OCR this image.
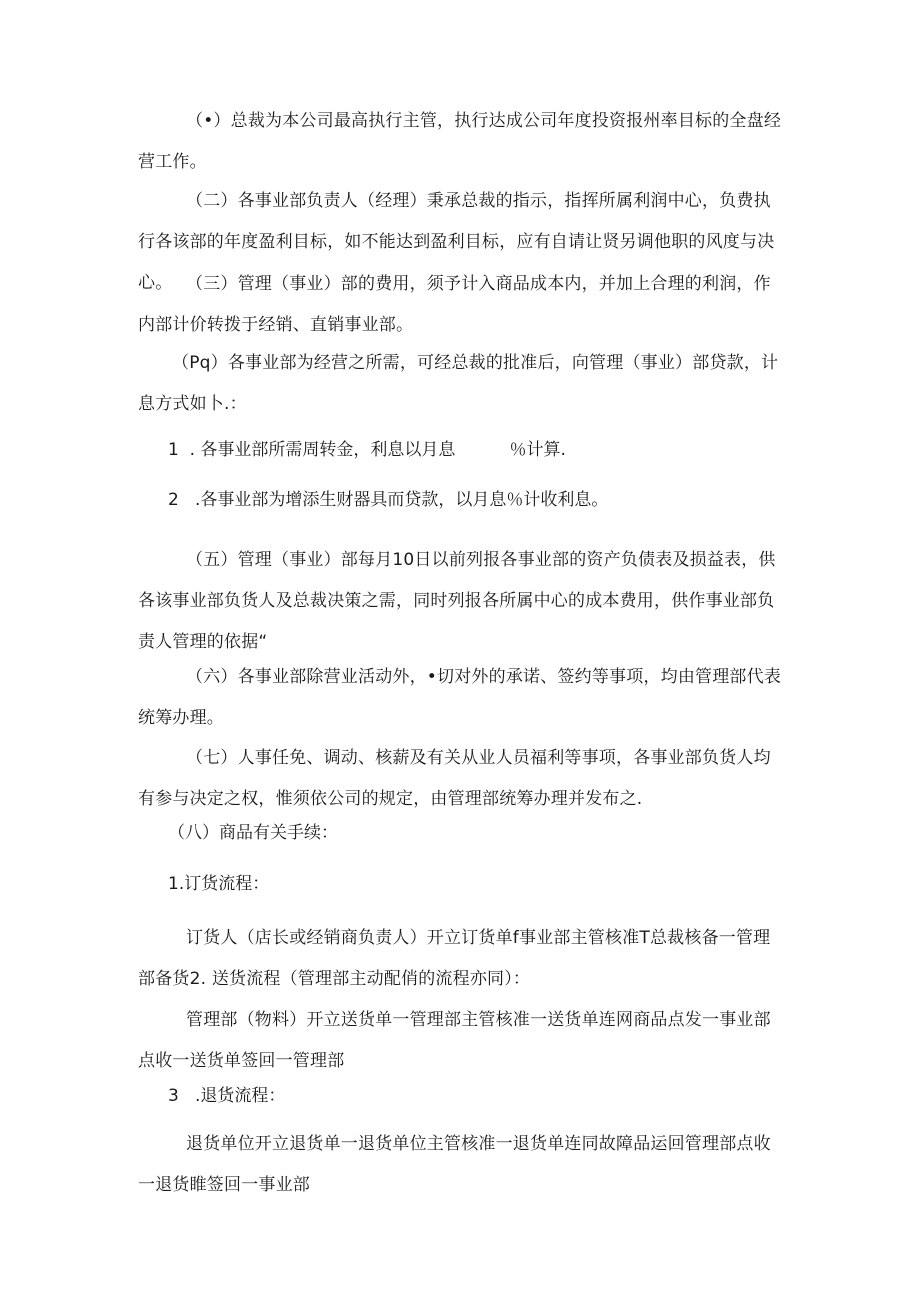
（•）总裁为本公司最高执行主管，执行达成公司年度投资报州率目标的全盘经营工作。

（二）各事业部负责人（经理）秉承总裁的指示，指挥所属利润中心，负费执行各该部的年度盈利目标，如不能达到盈利目标，应有自请让贤另调他职的风度与决心。 （三）管理（事业）部的费用，须予计入商品成本内，并加上合理的利润，作内部计价转拨于经销、直销事业部。

（Pq）各事业部为经营之所需，可经总裁的批准后，向管理（事业）部贷款，计息方式如卜.：

1  . 各事业部所需周转金，利息以月息          ％计算.

2   .各事业部为增添生财器具而贷款，以月息％计收利息。

（五）管理（事业）部每月10日以前列报各事业部的资产负债表及损益表，供各该事业部负货人及总裁决策之需，同时列报各所属中心的成本费用，供作事业部负责人管理的依据“

（六）各事业部除营业活动外，•切对外的承诺、签约等事项，均由管理部代表统筹办理。

（七）人事任免、调动、核薪及有关从业人员福利等事项，各事业部负货人均有参与决定之权，惟须依公司的规定，由管理部统筹办理并发布之.

（八）商品有关手续：

1.订货流程：

订货人（店长或经销商负责人）开立订货单f事业部主管核准T总裁核备一管理部备货2. 送货流程（管理部主动配俏的流程亦同）：

管理部（物料）开立送货单一管理部主管核准一送货单连网商品点发一事业部点收一送货单签回一管理部

3   .退货流程：

退货单位开立退货单一退货单位主管核准一退货单连同故障品运回管理部点收一退货睢签回一事业部
